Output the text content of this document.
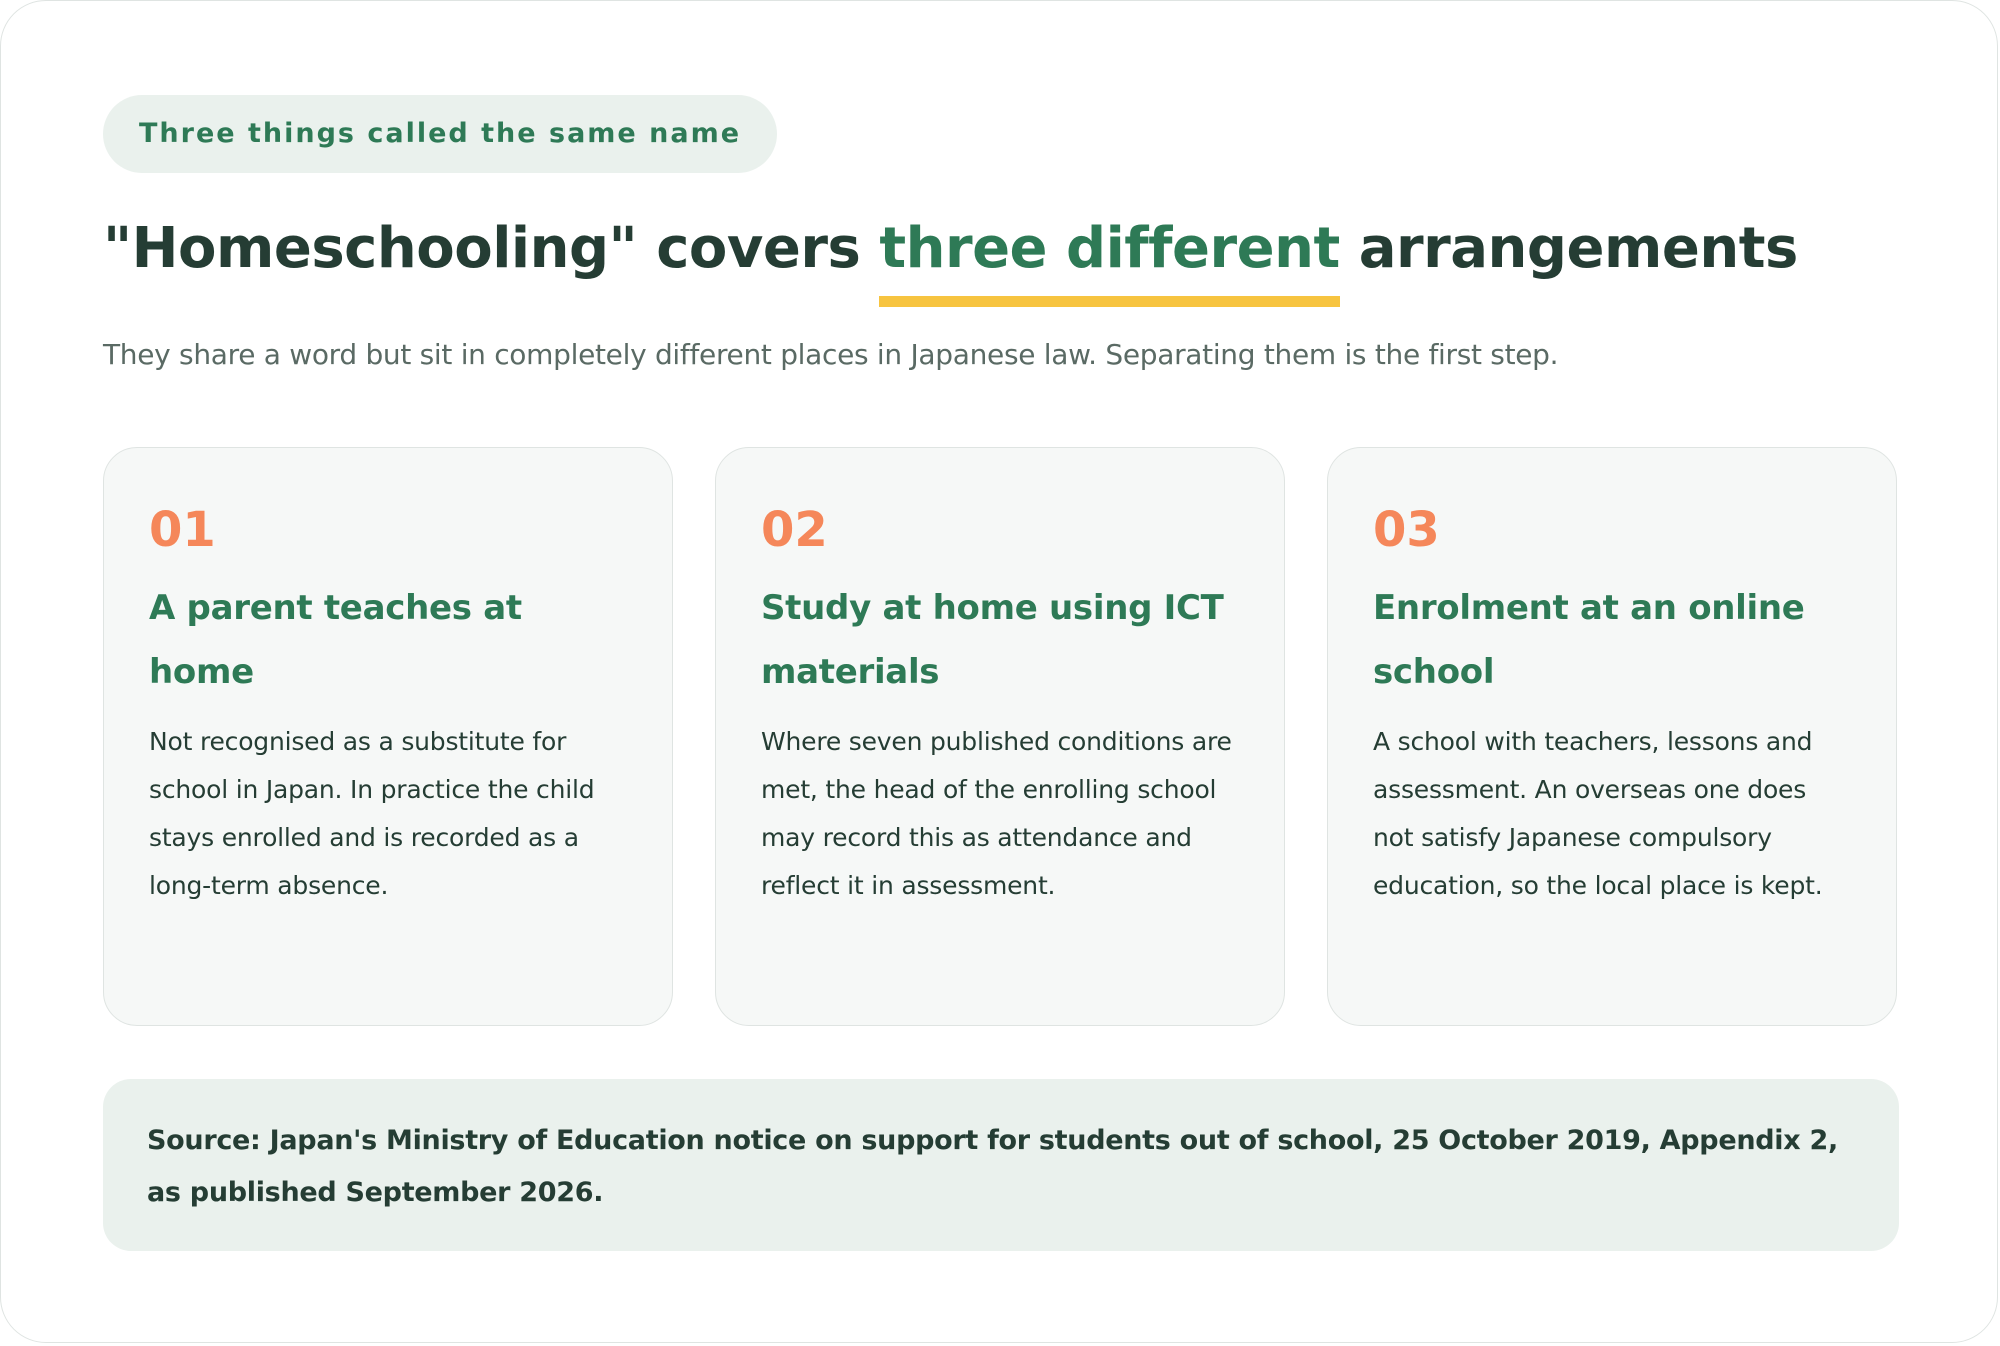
Three things called the same name
"Homeschooling" covers three different arrangements

They share a word but sit in completely different places in Japanese law. Separating them is the first step.

01
A parent teaches at home

Not recognised as a substitute for school in Japan. In practice the child stays enrolled and is recorded as a long-term absence.

02
Study at home using ICT materials

Where seven published conditions are met, the head of the enrolling school may record this as attendance and reflect it in assessment.

03
Enrolment at an online school

A school with teachers, lessons and assessment. An overseas one does not satisfy Japanese compulsory education, so the local place is kept.

Source: Japan's Ministry of Education notice on support for students out of school, 25 October 2019, Appendix 2, as published September 2026.
